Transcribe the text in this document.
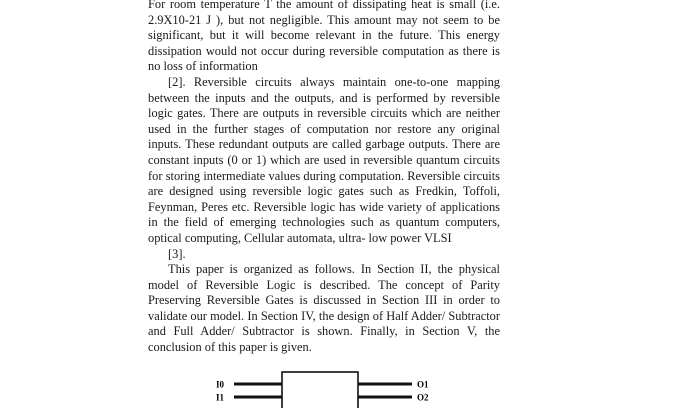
For room temperature T the amount of dissipating heat is small (i.e. 2.9X10-21 J ), but not negligible. This amount may not seem to be significant, but it will become relevant in the future. This energy dissipation would not occur during reversible computation as there is no loss of information

[2]. Reversible circuits always maintain one-to-one mapping between the inputs and the outputs, and is performed by reversible logic gates. There are outputs in reversible circuits which are neither used in the further stages of computation nor restore any original inputs. These redundant outputs are called garbage outputs. There are constant inputs (0 or 1) which are used in reversible quantum circuits for storing intermediate values during computation. Reversible circuits are designed using reversible logic gates such as Fredkin, Toffoli, Feynman, Peres etc. Reversible logic has wide variety of applications in the field of emerging technologies such as quantum computers, optical computing, Cellular automata, ultra- low power VLSI

[3].

This paper is organized as follows. In Section II, the physical model of Reversible Logic is described. The concept of Parity Preserving Reversible Gates is discussed in Section III in order to validate our model. In Section IV, the design of Half Adder/ Subtractor and Full Adder/ Subtractor is shown. Finally, in Section V, the conclusion of this paper is given.

I0
I1
O1
O2
